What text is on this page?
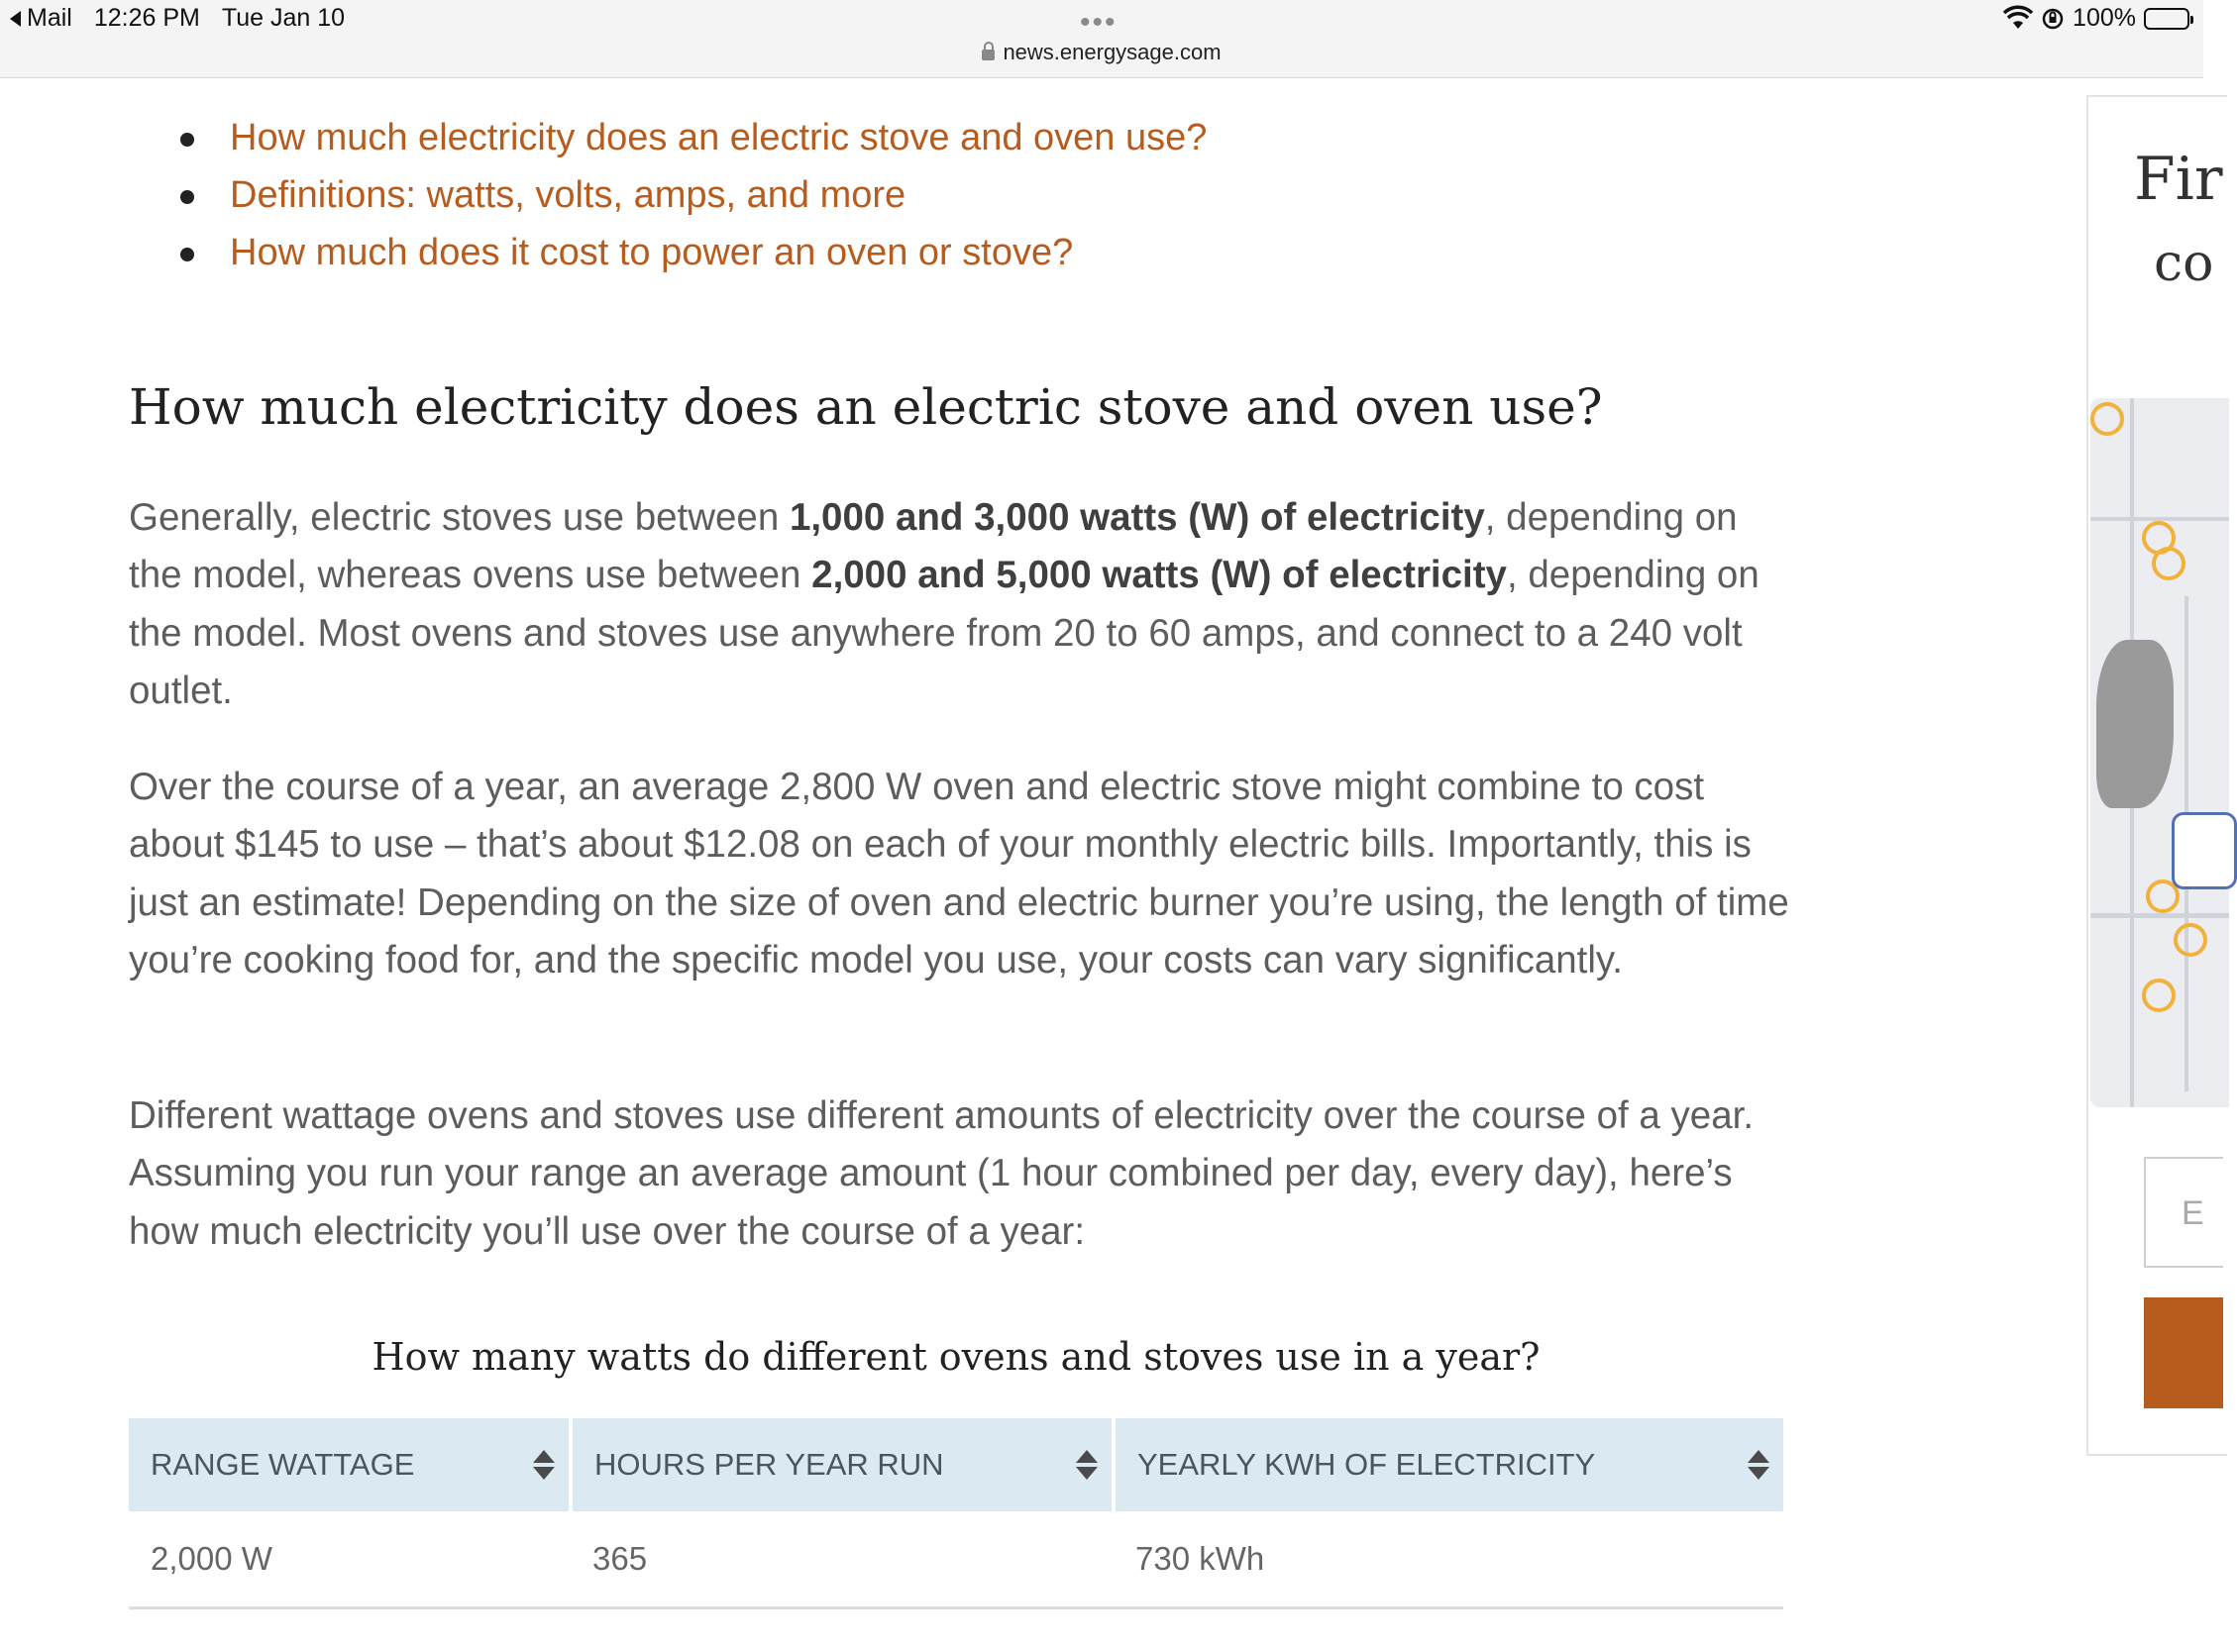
Mail 12:26 PM Tue Jan 10	•••
news.energysage.com
100%
How much electricity does an electric stove and oven use?
Definitions: watts, volts, amps, and more
How much does it cost to power an oven or stove?
How much electricity does an electric stove and oven use?

Generally, electric stoves use between 1,000 and 3,000 watts (W) of electricity, depending on the model, whereas ovens use between 2,000 and 5,000 watts (W) of electricity, depending on the model. Most ovens and stoves use anywhere from 20 to 60 amps, and connect to a 240 volt outlet.

Over the course of a year, an average 2,800 W oven and electric stove might combine to cost about $145 to use – that’s about $12.08 on each of your monthly electric bills. Importantly, this is just an estimate! Depending on the size of oven and electric burner you’re using, the length of time you’re cooking food for, and the specific model you use, your costs can vary significantly.

Different wattage ovens and stoves use different amounts of electricity over the course of a year. Assuming you run your range an average amount (1 hour combined per day, every day), here’s how much electricity you’ll use over the course of a year:

How many watts do different ovens and stoves use in a year?
RANGE WATTAGE	HOURS PER YEAR RUN	YEARLY KWH OF ELECTRICITY

2,000 W	365	730 kWh
Fir
co
E
